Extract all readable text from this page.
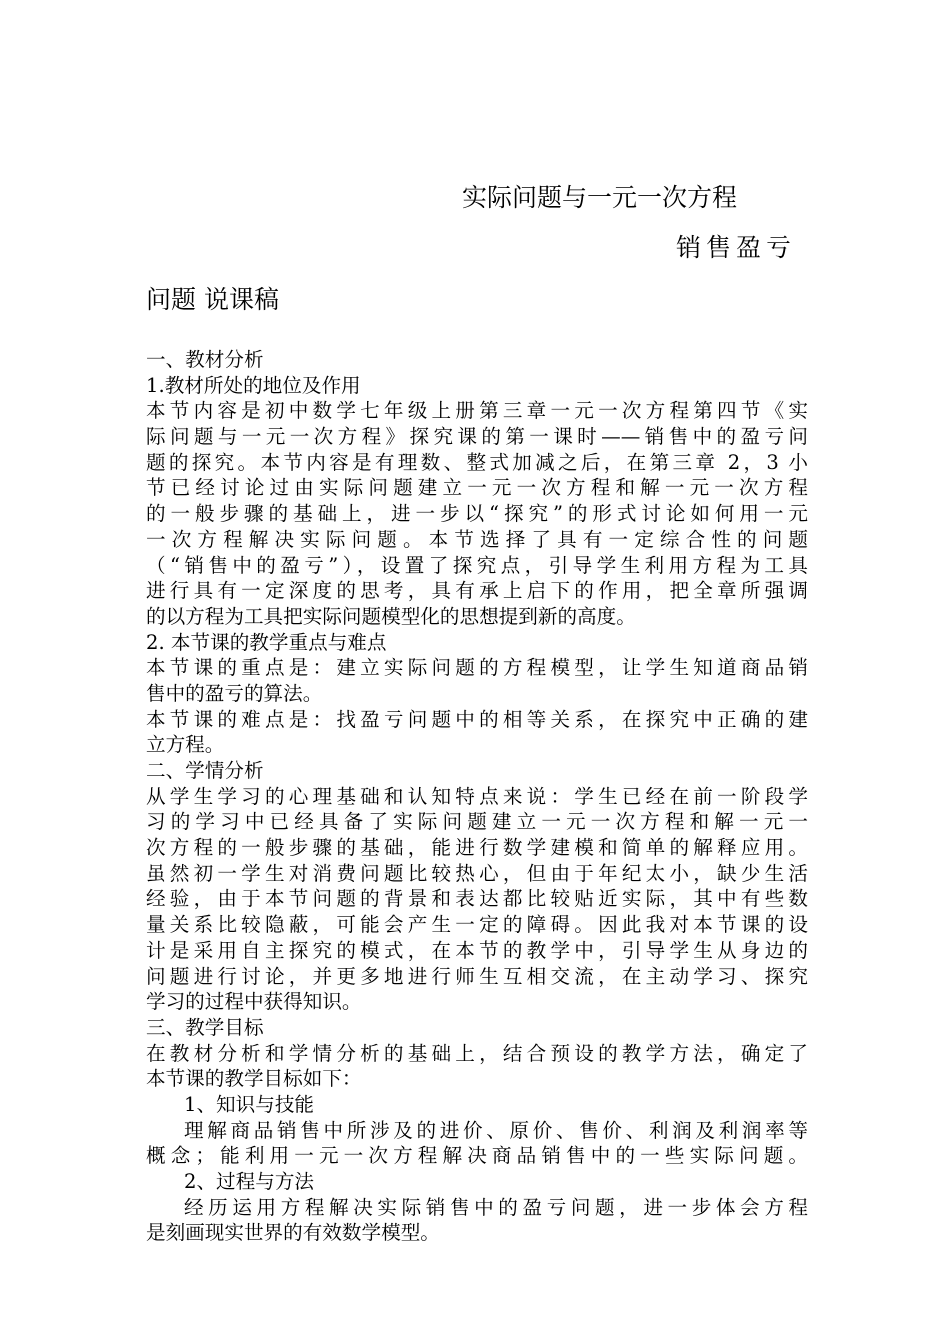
实际问题与一元一次方程
销售盈亏
问题 说课稿
一、教材分析
1.教材所处的地位及作用
本节内容是初中数学七年级上册第三章一元一次方程第四节《实
际问题与一元一次方程》探究课的第一课时——销售中的盈亏问
题的探究。本节内容是有理数、整式加减之后，在第三章 2，3 小
节已经讨论过由实际问题建立一元一次方程和解一元一次方程
的一般步骤的基础上，进一步以“探究”的形式讨论如何用一元
一次方程解决实际问题。本节选择了具有一定综合性的问题
（“销售中的盈亏”），设置了探究点，引导学生利用方程为工具
进行具有一定深度的思考，具有承上启下的作用，把全章所强调
的以方程为工具把实际问题模型化的思想提到新的高度。
2. 本节课的教学重点与难点
本节课的重点是：建立实际问题的方程模型，让学生知道商品销
售中的盈亏的算法。
本节课的难点是：找盈亏问题中的相等关系，在探究中正确的建
立方程。
二、学情分析
从学生学习的心理基础和认知特点来说：学生已经在前一阶段学
习的学习中已经具备了实际问题建立一元一次方程和解一元一
次方程的一般步骤的基础，能进行数学建模和简单的解释应用。
虽然初一学生对消费问题比较热心，但由于年纪太小，缺少生活
经验，由于本节问题的背景和表达都比较贴近实际，其中有些数
量关系比较隐蔽，可能会产生一定的障碍。因此我对本节课的设
计是采用自主探究的模式，在本节的教学中，引导学生从身边的
问题进行讨论，并更多地进行师生互相交流，在主动学习、探究
学习的过程中获得知识。
三、教学目标
在教材分析和学情分析的基础上，结合预设的教学方法，确定了
本节课的教学目标如下：
1、知识与技能
理解商品销售中所涉及的进价、原价、售价、利润及利润率等
概念；能利用一元一次方程解决商品销售中的一些实际问题。
2、过程与方法
经历运用方程解决实际销售中的盈亏问题，进一步体会方程
是刻画现实世界的有效数学模型。
